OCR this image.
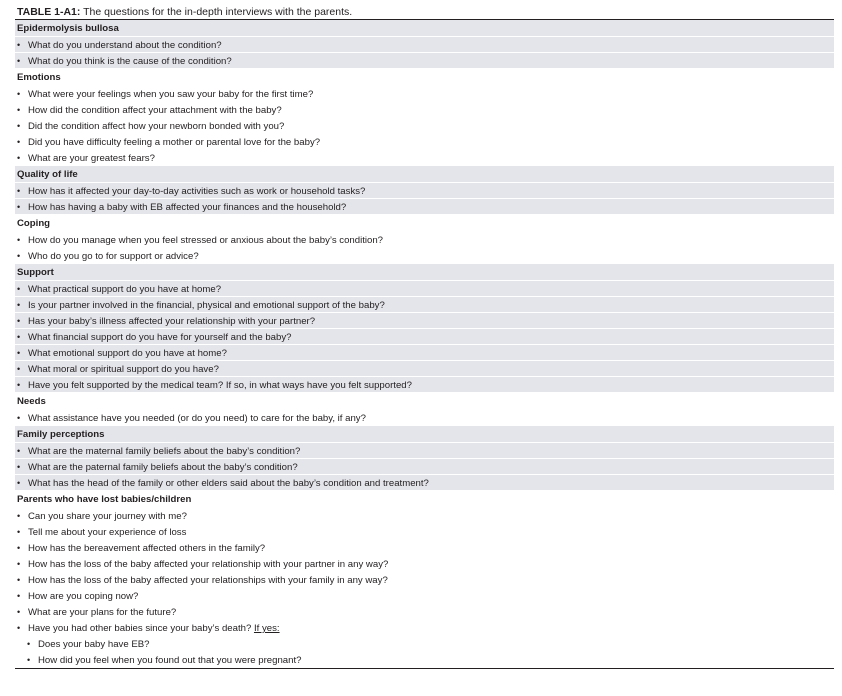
TABLE 1-A1: The questions for the in-depth interviews with the parents.
Epidermolysis bullosa
• What do you understand about the condition?
• What do you think is the cause of the condition?
Emotions
• What were your feelings when you saw your baby for the first time?
• How did the condition affect your attachment with the baby?
• Did the condition affect how your newborn bonded with you?
• Did you have difficulty feeling a mother or parental love for the baby?
• What are your greatest fears?
Quality of life
• How has it affected your day-to-day activities such as work or household tasks?
• How has having a baby with EB affected your finances and the household?
Coping
• How do you manage when you feel stressed or anxious about the baby’s condition?
• Who do you go to for support or advice?
Support
• What practical support do you have at home?
• Is your partner involved in the financial, physical and emotional support of the baby?
• Has your baby’s illness affected your relationship with your partner?
• What financial support do you have for yourself and the baby?
• What emotional support do you have at home?
• What moral or spiritual support do you have?
• Have you felt supported by the medical team? If so, in what ways have you felt supported?
Needs
• What assistance have you needed (or do you need) to care for the baby, if any?
Family perceptions
• What are the maternal family beliefs about the baby’s condition?
• What are the paternal family beliefs about the baby’s condition?
• What has the head of the family or other elders said about the baby’s condition and treatment?
Parents who have lost babies/children
• Can you share your journey with me?
• Tell me about your experience of loss
• How has the bereavement affected others in the family?
• How has the loss of the baby affected your relationship with your partner in any way?
• How has the loss of the baby affected your relationships with your family in any way?
• How are you coping now?
• What are your plans for the future?
• Have you had other babies since your baby’s death? If yes:
• Does your baby have EB?
• How did you feel when you found out that you were pregnant?
